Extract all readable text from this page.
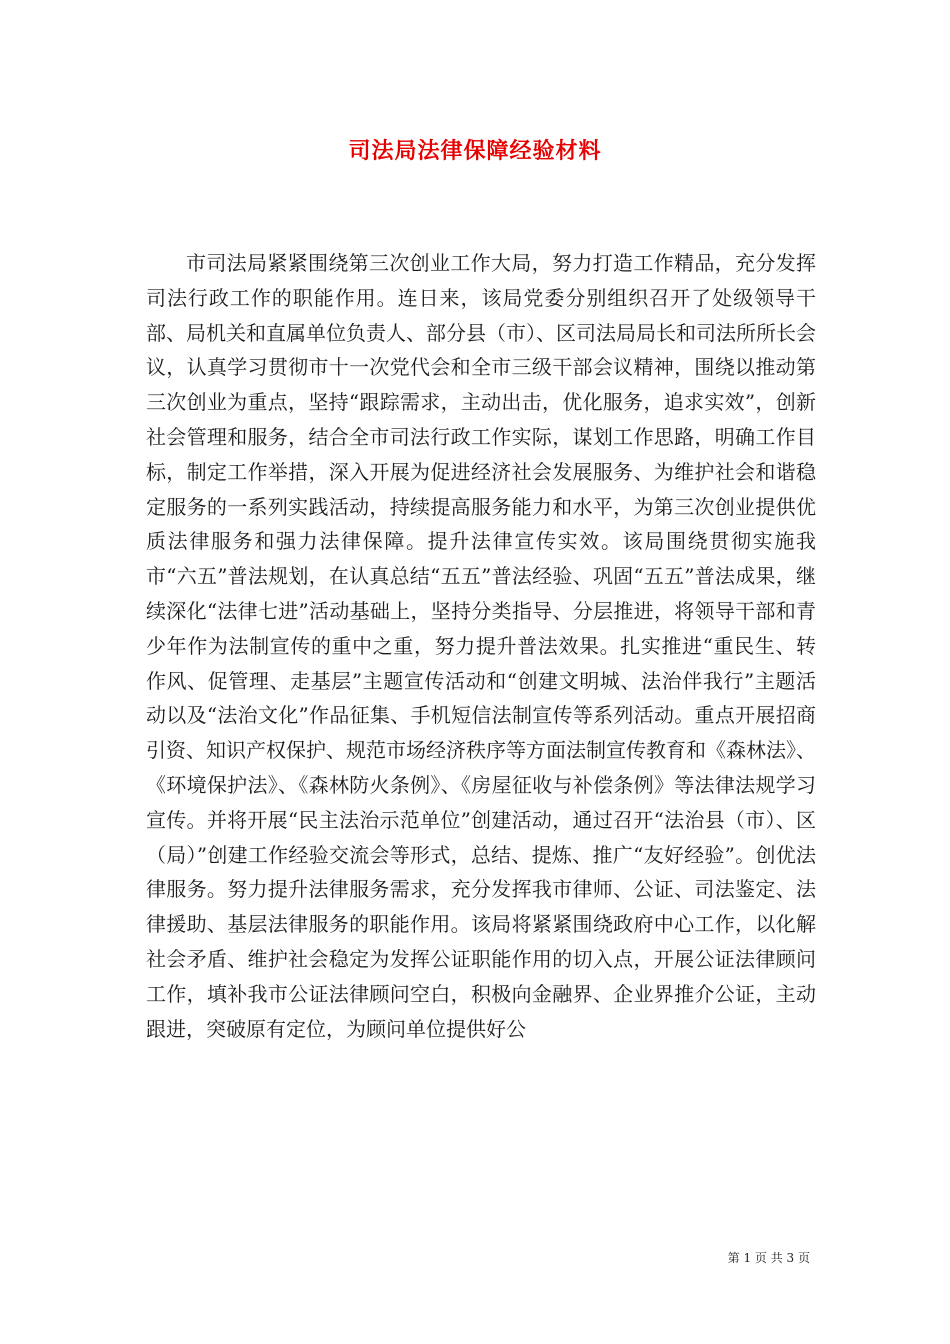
司法局法律保障经验材料

市司法局紧紧围绕第三次创业工作大局，努力打造工作精品，充分发挥司法行政工作的职能作用。连日来，该局党委分别组织召开了处级领导干部、局机关和直属单位负责人、部分县（市）、区司法局局长和司法所所长会议，认真学习贯彻市十一次党代会和全市三级干部会议精神，围绕以推动第三次创业为重点，坚持“跟踪需求，主动出击，优化服务，追求实效”，创新社会管理和服务，结合全市司法行政工作实际，谋划工作思路，明确工作目标，制定工作举措，深入开展为促进经济社会发展服务、为维护社会和谐稳定服务的一系列实践活动，持续提高服务能力和水平，为第三次创业提供优质法律服务和强力法律保障。提升法律宣传实效。该局围绕贯彻实施我市“六五”普法规划，在认真总结“五五”普法经验、巩固“五五”普法成果，继续深化“法律七进”活动基础上，坚持分类指导、分层推进，将领导干部和青少年作为法制宣传的重中之重，努力提升普法效果。扎实推进“重民生、转作风、促管理、走基层”主题宣传活动和“创建文明城、法治伴我行”主题活动以及“法治文化”作品征集、手机短信法制宣传等系列活动。重点开展招商引资、知识产权保护、规范市场经济秩序等方面法制宣传教育和《森林法》、《环境保护法》、《森林防火条例》、《房屋征收与补偿条例》等法律法规学习宣传。并将开展“民主法治示范单位”创建活动，通过召开“法治县（市）、区（局）”创建工作经验交流会等形式，总结、提炼、推广“友好经验”。创优法律服务。努力提升法律服务需求，充分发挥我市律师、公证、司法鉴定、法律援助、基层法律服务的职能作用。该局将紧紧围绕政府中心工作，以化解社会矛盾、维护社会稳定为发挥公证职能作用的切入点，开展公证法律顾问工作，填补我市公证法律顾问空白，积极向金融界、企业界推介公证，主动跟进，突破原有定位，为顾问单位提供好公

第 1 页 共 3 页
